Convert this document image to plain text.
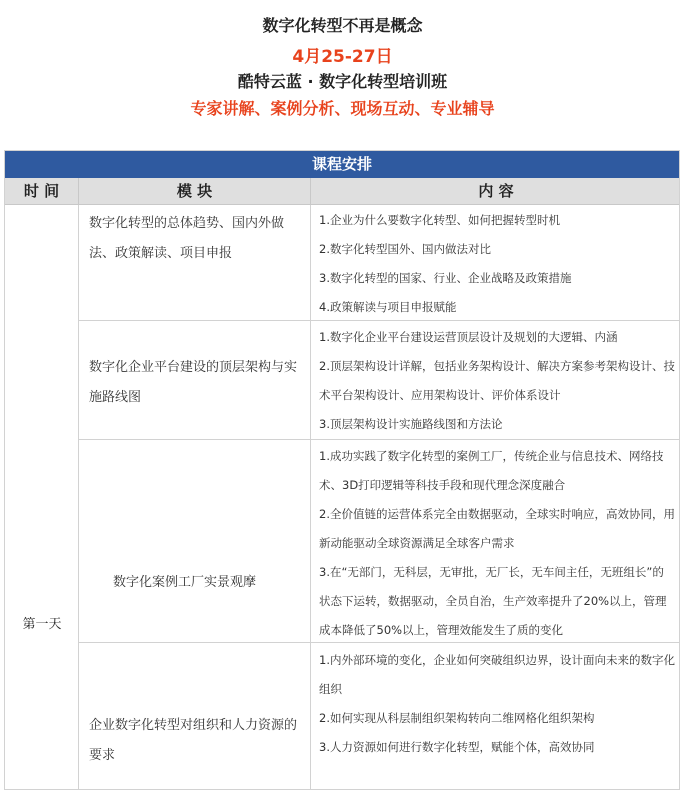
数字化转型不再是概念
4月25-27日
酷特云蓝 · 数字化转型培训班
专家讲解、案例分析、现场互动、专业辅导
课程安排
时 间	模 块	内 容
第一天
数字化转型的总体趋势、国内外做法、政策解读、项目申报
1.企业为什么要数字化转型、如何把握转型时机
2.数字化转型国外、国内做法对比
3.数字化转型的国家、行业、企业战略及政策措施
4.政策解读与项目申报赋能
数字化企业平台建设的顶层架构与实施路线图
1.数字化企业平台建设运营顶层设计及规划的大逻辑、内涵
2.顶层架构设计详解，包括业务架构设计、解决方案参考架构设计、技术平台架构设计、应用架构设计、评价体系设计
3.顶层架构设计实施路线图和方法论
数字化案例工厂实景观摩
1.成功实践了数字化转型的案例工厂，传统企业与信息技术、网络技术、3D打印逻辑等科技手段和现代理念深度融合
2.全价值链的运营体系完全由数据驱动，全球实时响应，高效协同，用新动能驱动全球资源满足全球客户需求
3.在“无部门，无科层，无审批，无厂长，无车间主任，无班组长”的状态下运转，数据驱动，全员自治，生产效率提升了20%以上，管理成本降低了50%以上，管理效能发生了质的变化
企业数字化转型对组织和人力资源的要求
1.内外部环境的变化，企业如何突破组织边界，设计面向未来的数字化组织
2.如何实现从科层制组织架构转向二维网格化组织架构
3.人力资源如何进行数字化转型，赋能个体，高效协同
